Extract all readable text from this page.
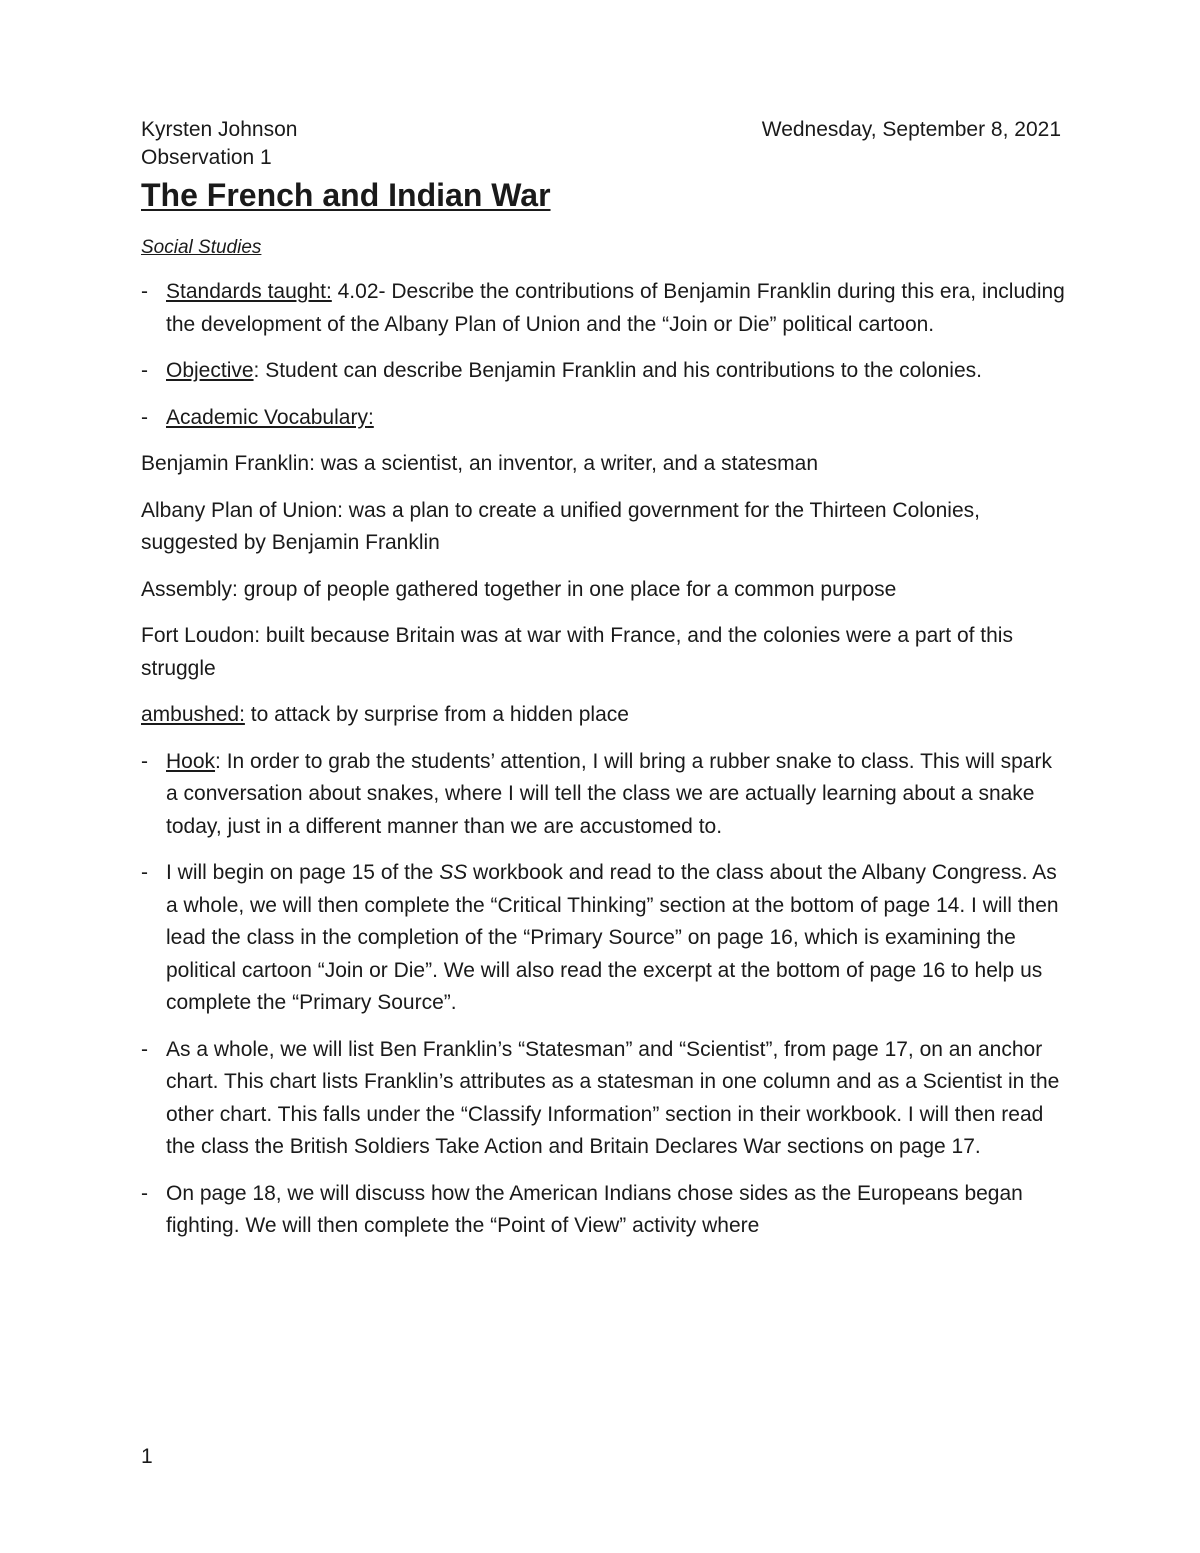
Kyrsten Johnson	Wednesday, September 8, 2021
Observation 1
The French and Indian War
Social Studies
- Standards taught: 4.02- Describe the contributions of Benjamin Franklin during this era, including the development of the Albany Plan of Union and the “Join or Die” political cartoon.
- Objective: Student can describe Benjamin Franklin and his contributions to the colonies.
- Academic Vocabulary:
Benjamin Franklin: was a scientist, an inventor, a writer, and a statesman
Albany Plan of Union: was a plan to create a unified government for the Thirteen Colonies, suggested by Benjamin Franklin
Assembly: group of people gathered together in one place for a common purpose
Fort Loudon: built because Britain was at war with France, and the colonies were a part of this struggle
ambushed: to attack by surprise from a hidden place
- Hook: In order to grab the students’ attention, I will bring a rubber snake to class. This will spark a conversation about snakes, where I will tell the class we are actually learning about a snake today, just in a different manner than we are accustomed to.
- I will begin on page 15 of the SS workbook and read to the class about the Albany Congress. As a whole, we will then complete the “Critical Thinking” section at the bottom of page 14. I will then lead the class in the completion of the “Primary Source” on page 16, which is examining the political cartoon “Join or Die”. We will also read the excerpt at the bottom of page 16 to help us complete the “Primary Source”.
- As a whole, we will list Ben Franklin’s “Statesman” and “Scientist”, from page 17, on an anchor chart. This chart lists Franklin’s attributes as a statesman in one column and as a Scientist in the other chart. This falls under the “Classify Information” section in their workbook. I will then read the class the British Soldiers Take Action and Britain Declares War sections on page 17.
- On page 18, we will discuss how the American Indians chose sides as the Europeans began fighting. We will then complete the “Point of View” activity where
1
